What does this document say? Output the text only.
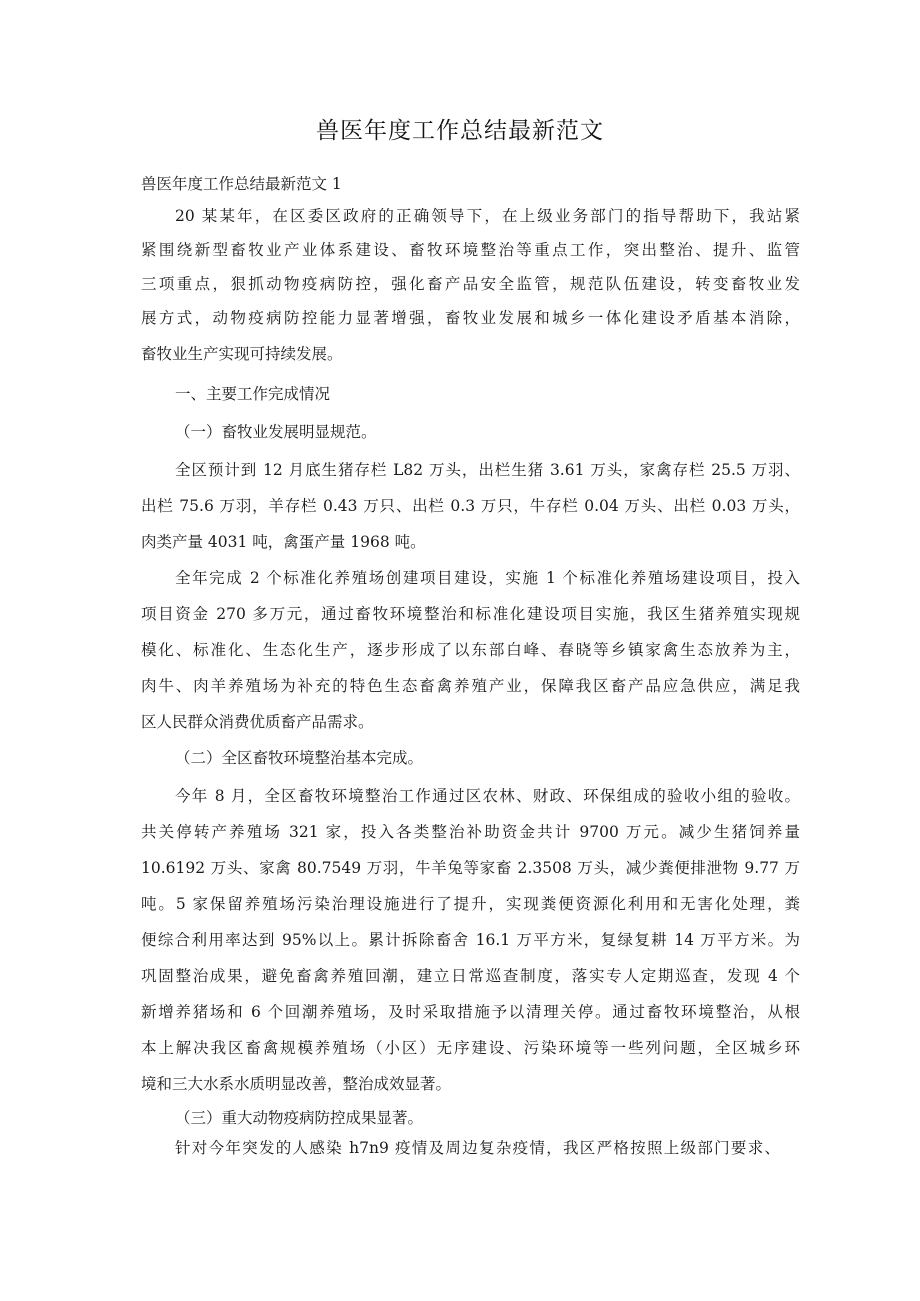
兽医年度工作总结最新范文
兽医年度工作总结最新范文 1
20 某某年，在区委区政府的正确领导下，在上级业务部门的指导帮助下，我站紧
紧围绕新型畜牧业产业体系建设、畜牧环境整治等重点工作，突出整治、提升、监管
三项重点，狠抓动物疫病防控，强化畜产品安全监管，规范队伍建设，转变畜牧业发
展方式，动物疫病防控能力显著增强，畜牧业发展和城乡一体化建设矛盾基本消除，
畜牧业生产实现可持续发展。
一、主要工作完成情况
（一）畜牧业发展明显规范。
全区预计到 12 月底生猪存栏 L82 万头，出栏生猪 3.61 万头，家禽存栏 25.5 万羽、
出栏 75.6 万羽，羊存栏 0.43 万只、出栏 0.3 万只，牛存栏 0.04 万头、出栏 0.03 万头，
肉类产量 4031 吨，禽蛋产量 1968 吨。
全年完成 2 个标准化养殖场创建项目建设，实施 1 个标准化养殖场建设项目，投入
项目资金 270 多万元，通过畜牧环境整治和标准化建设项目实施，我区生猪养殖实现规
模化、标准化、生态化生产，逐步形成了以东部白峰、春晓等乡镇家禽生态放养为主，
肉牛、肉羊养殖场为补充的特色生态畜禽养殖产业，保障我区畜产品应急供应，满足我
区人民群众消费优质畜产品需求。
（二）全区畜牧环境整治基本完成。
今年 8 月，全区畜牧环境整治工作通过区农林、财政、环保组成的验收小组的验收。
共关停转产养殖场 321 家，投入各类整治补助资金共计 9700 万元。减少生猪饲养量
10.6192 万头、家禽 80.7549 万羽，牛羊兔等家畜 2.3508 万头，减少粪便排泄物 9.77 万
吨。5 家保留养殖场污染治理设施进行了提升，实现粪便资源化利用和无害化处理，粪
便综合利用率达到 95%以上。累计拆除畜舍 16.1 万平方米，复绿复耕 14 万平方米。为
巩固整治成果，避免畜禽养殖回潮，建立日常巡查制度，落实专人定期巡查，发现 4 个
新增养猪场和 6 个回潮养殖场，及时采取措施予以清理关停。通过畜牧环境整治，从根
本上解决我区畜禽规模养殖场（小区）无序建设、污染环境等一些列问题，全区城乡环
境和三大水系水质明显改善，整治成效显著。
（三）重大动物疫病防控成果显著。
针对今年突发的人感染 h7n9 疫情及周边复杂疫情，我区严格按照上级部门要求、
